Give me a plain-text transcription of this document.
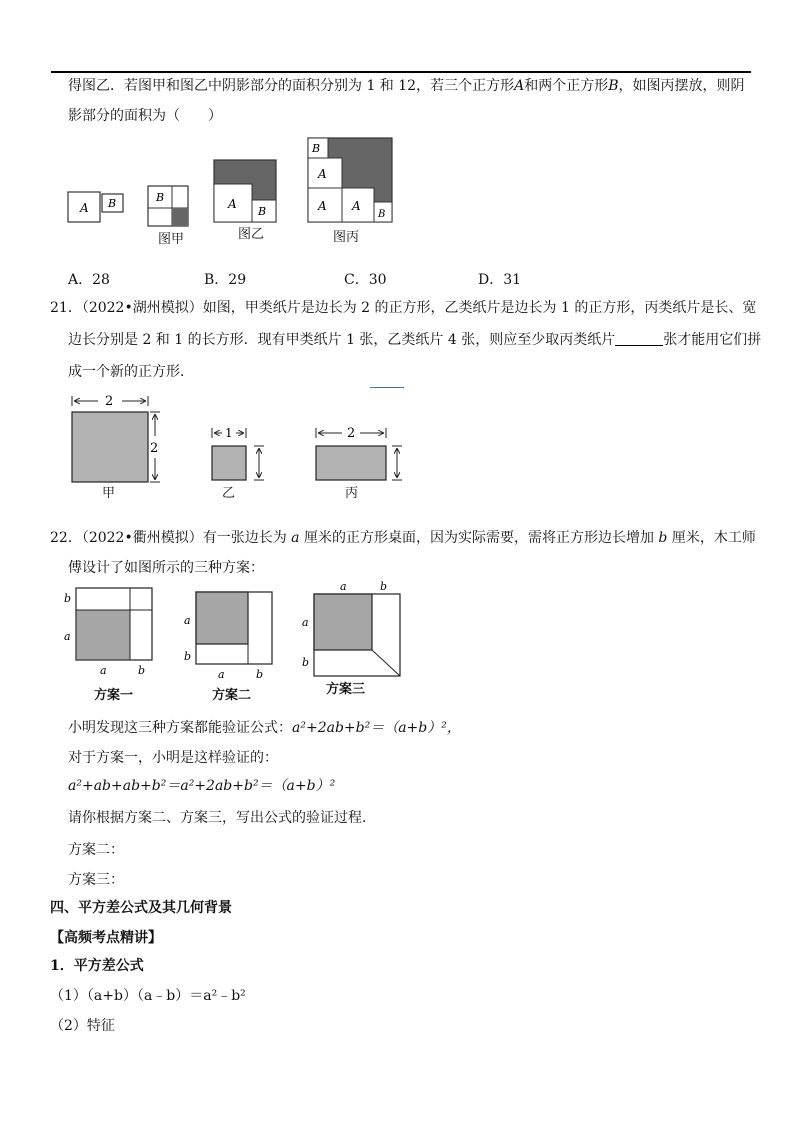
得图乙．若图甲和图乙中阴影部分的面积分别为 1 和 12，若三个正方形A和两个正方形B，如图丙摆放，则阴
影部分的面积为（　　）
A B	B	A
B
B
A
A A
B
图甲	图乙	图丙
A．28	B．29	C．30	D．31
21．（2022•湖州模拟）如图，甲类纸片是边长为 2 的正方形，乙类纸片是边长为 1 的正方形，丙类纸片是长、宽
边长分别是 2 和 1 的长方形．现有甲类纸片 1 张，乙类纸片 4 张，则应至少取丙类纸片	张才能用它们拼
成一个新的正方形．
2
2
1	2
甲	乙	丙
22．（2022•衢州模拟）有一张边长为 a 厘米的正方形桌面，因为实际需要，需将正方形边长增加 b 厘米，木工师
傅设计了如图所示的三种方案：
b
a
a	b
a
b
a	b
a	b
a
b
方案一	方案二	方案三
小明发现这三种方案都能验证公式：a²+2ab+b²＝（a+b）²，
对于方案一，小明是这样验证的：
a²+ab+ab+b²＝a²+2ab+b²＝（a+b）²
请你根据方案二、方案三，写出公式的验证过程．
方案二：
方案三：
四、平方差公式及其几何背景
【高频考点精讲】
1．平方差公式
（1）（a+b）（a﹣b）＝a²﹣b²
（2）特征
